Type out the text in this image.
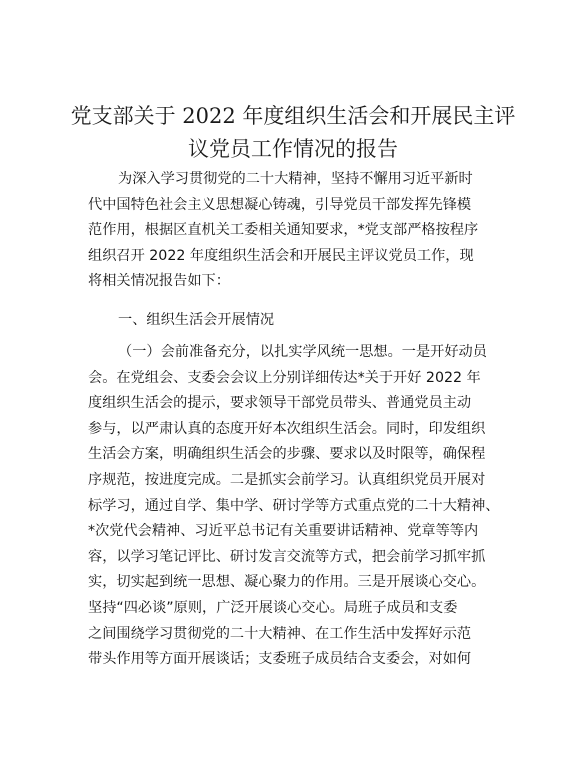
党支部关于 2022 年度组织生活会和开展民主评
议党员工作情况的报告
为深入学习贯彻党的二十大精神，坚持不懈用习近平新时
代中国特色社会主义思想凝心铸魂，引导党员干部发挥先锋模
范作用，根据区直机关工委相关通知要求，*党支部严格按程序
组织召开 2022 年度组织生活会和开展民主评议党员工作，现
将相关情况报告如下：
一、组织生活会开展情况
（一）会前准备充分，以扎实学风统一思想。一是开好动员
会。在党组会、支委会会议上分别详细传达*关于开好 2022 年
度组织生活会的提示，要求领导干部党员带头、普通党员主动
参与，以严肃认真的态度开好本次组织生活会。同时，印发组织
生活会方案，明确组织生活会的步骤、要求以及时限等，确保程
序规范，按进度完成。二是抓实会前学习。认真组织党员开展对
标学习，通过自学、集中学、研讨学等方式重点党的二十大精神、
*次党代会精神、习近平总书记有关重要讲话精神、党章等等内
容，以学习笔记评比、研讨发言交流等方式，把会前学习抓牢抓
实，切实起到统一思想、凝心聚力的作用。三是开展谈心交心。
坚持“四必谈”原则，广泛开展谈心交心。局班子成员和支委
之间围绕学习贯彻党的二十大精神、在工作生活中发挥好示范
带头作用等方面开展谈话；支委班子成员结合支委会，对如何
